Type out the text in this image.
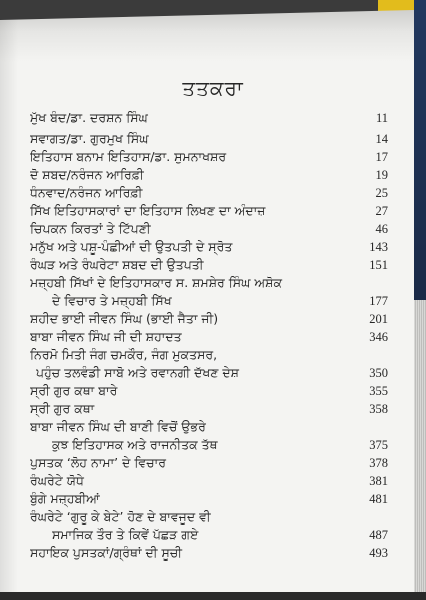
ਤਤਕਰਾ
ਮੁੱਖ ਬੰਦ/ਡਾ. ਦਰਸ਼ਨ ਸਿੰਘ	11
ਸਵਾਗਤ/ਡਾ. ਗੁਰਮੁਖ ਸਿੰਘ	14
ਇਤਿਹਾਸ ਬਨਾਮ ਇਤਿਹਾਸ/ਡਾ. ਸੁਮਨਾਖਸ਼ਰ	17
ਦੋ ਸ਼ਬਦ/ਨਰੰਜਨ ਆਰਿਫ਼ੀ	19
ਧੰਨਵਾਦ/ਨਰੰਜਨ ਆਰਿਫ਼ੀ	25
ਸਿੱਖ ਇਤਿਹਾਸਕਾਰਾਂ ਦਾ ਇਤਿਹਾਸ ਲਿਖਣ ਦਾ ਅੰਦਾਜ਼	27
ਚਿਪਕਨ ਕਿਰਤਾਂ ਤੇ ਟਿੱਪਣੀ	46
ਮਨੁੱਖ ਅਤੇ ਪਸ਼ੂ-ਪੰਛੀਆਂ ਦੀ ਉਤਪਤੀ ਦੇ ਸ੍ਰੋਤ	143
ਰੰਘੜ ਅਤੇ ਰੰਘਰੇਟਾ ਸ਼ਬਦ ਦੀ ਉਤਪਤੀ	151
ਮਜ਼੍ਹਬੀ ਸਿੱਖਾਂ ਦੇ ਇਤਿਹਾਸਕਾਰ ਸ. ਸ਼ਮਸ਼ੇਰ ਸਿੰਘ ਅਸ਼ੋਕ
ਦੇ ਵਿਚਾਰ ਤੇ ਮਜ਼੍ਹਬੀ ਸਿੱਖ	177
ਸ਼ਹੀਦ ਭਾਈ ਜੀਵਨ ਸਿੰਘ (ਭਾਈ ਜੈਤਾ ਜੀ)	201
ਬਾਬਾ ਜੀਵਨ ਸਿੰਘ ਜੀ ਦੀ ਸ਼ਹਾਦਤ	346
ਨਿਰਮੋ ਮਿਤੀ ਜੰਗ ਚਮਕੌਰ, ਜੰਗ ਮੁਕਤਸਰ,
ਪਹੁੰਚ ਤਲਵੰਡੀ ਸਾਬੋ ਅਤੇ ਰਵਾਨਗੀ ਦੱਖਣ ਦੇਸ਼	350
ਸ੍ਰੀ ਗੁਰ ਕਥਾ ਬਾਰੇ	355
ਸ੍ਰੀ ਗੁਰ ਕਥਾ	358
ਬਾਬਾ ਜੀਵਨ ਸਿੰਘ ਦੀ ਬਾਣੀ ਵਿਚੋਂ ਉਭਰੇ
ਕੁਝ ਇਤਿਹਾਸਕ ਅਤੇ ਰਾਜਨੀਤਕ ਤੱਥ	375
ਪੁਸਤਕ ‘ਲੋਹ ਨਾਮਾ’ ਦੇ ਵਿਚਾਰ	378
ਰੰਘਰੇਟੇ ਯੋਧੇ	381
ਬੁੰਗੇ ਮਜ਼੍ਹਬੀਆਂ	481
ਰੰਘਰੇਟੇ ‘ਗੁਰੂ ਕੇ ਬੇਟੇ’ ਹੋਣ ਦੇ ਬਾਵਜੂਦ ਵੀ
ਸਮਾਜਿਕ ਤੌਰ ਤੇ ਕਿਵੇਂ ਪੱਛੜ ਗਏ	487
ਸਹਾਇਕ ਪੁਸਤਕਾਂ/ਗ੍ਰੰਥਾਂ ਦੀ ਸੂਚੀ	493
